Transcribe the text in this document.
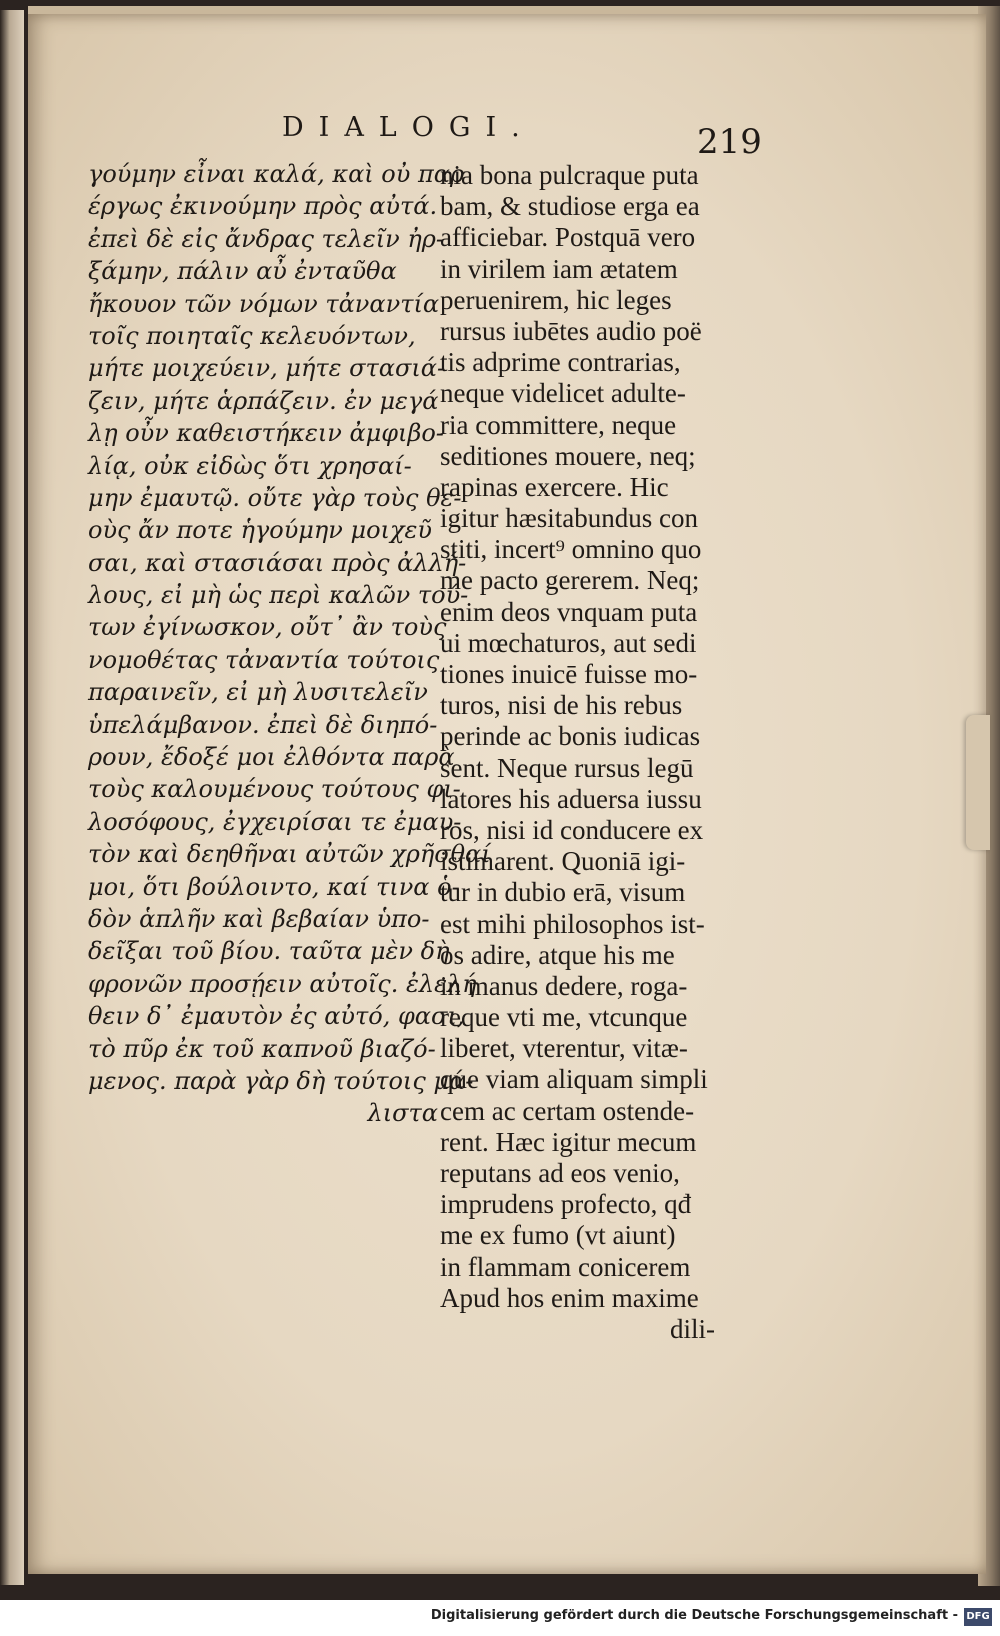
DIALOGI.	219
γούμην εἶναι καλά, καὶ οὐ παρ
έργως ἐκινούμην πρὸς αὐτά.
ἐπεὶ δὲ εἰς ἄνδρας τελεῖν ἠρ-
ξάμην, πάλιν αὖ ἐνταῦθα
ἤκουον τῶν νόμων τἀναντία
τοῖς ποιηταῖς κελευόντων,
μήτε μοιχεύειν, μήτε στασιά-
ζειν, μήτε ἁρπάζειν. ἐν μεγά
λῃ οὖν καθειστήκειν ἀμφιβο-
λίᾳ, οὐκ εἰδὼς ὅτι χρησαί-
μην ἐμαυτῷ. οὔτε γὰρ τοὺς θε-
οὺς ἄν ποτε ἡγούμην μοιχεῦ
σαι, καὶ στασιάσαι πρὸς ἀλλή-
λους, εἰ μὴ ὡς περὶ καλῶν τού-
των ἐγίνωσκον, οὔτ᾽ ἂν τοὺς
νομοθέτας τἀναντία τούτοις
παραινεῖν, εἰ μὴ λυσιτελεῖν
ὑπελάμβανον. ἐπεὶ δὲ διηπό-
ρουν, ἔδοξέ μοι ἐλθόντα παρὰ
τοὺς καλουμένους τούτους φι-
λοσόφους, ἐγχειρίσαι τε ἐμαυ-
τὸν καὶ δεηθῆναι αὐτῶν χρῆσθαί
μοι, ὅτι βούλοιντο, καί τινα ὁ-
δὸν ἁπλῆν καὶ βεβαίαν ὑπο-
δεῖξαι τοῦ βίου. ταῦτα μὲν δὴ
φρονῶν προσῄειν αὐτοῖς. ἐλελή
θειν δ᾽ ἐμαυτὸν ἐς αὐτό, φασι,
τὸ πῦρ ἐκ τοῦ καπνοῦ βιαζό-
μενος. παρὰ γὰρ δὴ τούτοις μά-
λιστα
nia bona pulcraque puta
bam, & studiose erga ea
afficiebar. Postquā vero
in virilem iam ætatem
peruenirem, hic leges
rursus iubētes audio poë
tis adprime contrarias,
neque videlicet adulte-
ria committere, neque
seditiones mouere, neq;
rapinas exercere. Hic
igitur hæsitabundus con
stiti, incert⁹ omnino quo
me pacto gererem. Neq;
enim deos vnquam puta
ui mœchaturos, aut sedi
tiones inuicē fuisse mo-
turos, nisi de his rebus
perinde ac bonis iudicas
sent. Neque rursus legū
latores his aduersa iussu
ros, nisi id conducere ex
istimarent. Quoniā igi-
tur in dubio erā, visum
est mihi philosophos ist-
os adire, atque his me
in manus dedere, roga-
reque vti me, vtcunque
liberet, vterentur, vitæ-
que viam aliquam simpli
cem ac certam ostende-
rent. Hæc igitur mecum
reputans ad eos venio,
imprudens profecto, qđ
me ex fumo (vt aiunt)
in flammam conicerem
Apud hos enim maxime
dili-
Digitalisierung gefördert durch die Deutsche Forschungsgemeinschaft - DFG
